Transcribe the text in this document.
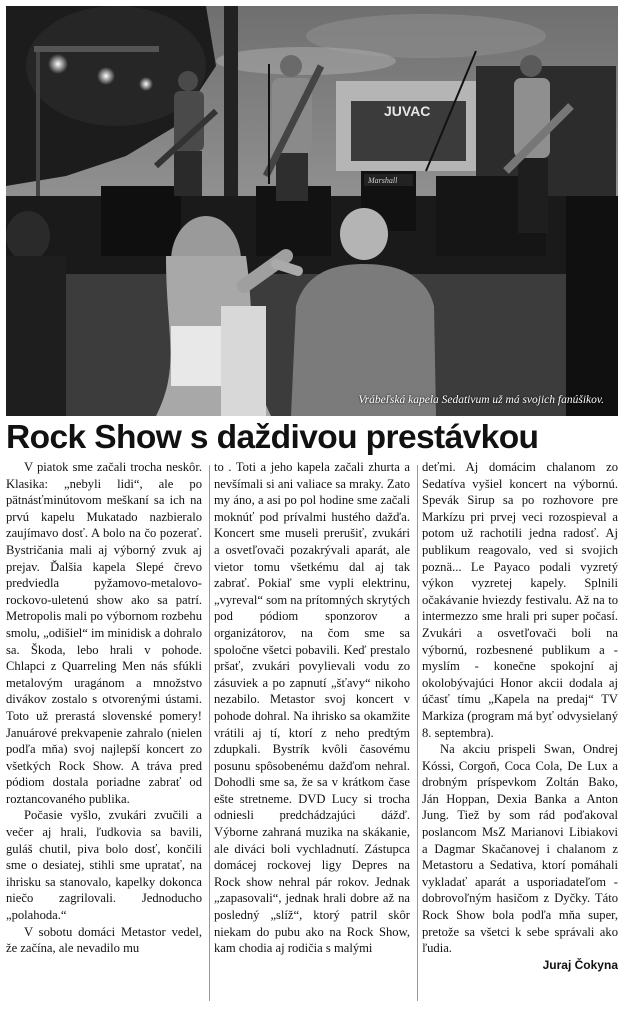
JUVAC
Marshall
Vrábeľská kapela Sedativum už má svojich fanúšikov.
Rock Show s daždivou prestávkou

V piatok sme začali trocha neskôr. Klasika: „nebyli lidi“, ale po pätnásťminútovom meškaní sa ich na prvú kapelu Mukatado nazbieralo zaujímavo dosť. A bolo na čo pozerať. Bystričania mali aj výborný zvuk aj prejav. Ďalšia kapela Slepé črevo predviedla pyžamovo-metalovo-rockovo-uletenú show ako sa patrí. Metropolis mali po výbornom rozbehu smolu, „odišiel“ im minidisk a dohralo sa. Škoda, lebo hrali v pohode. Chlapci z Quarreling Men nás sfúkli metalovým uragánom a množstvo divákov zostalo s otvorenými ústami. Toto už prerastá slovenské pomery! Januárové prekvapenie zahralo (nielen podľa mňa) svoj najlepší koncert zo všetkých Rock Show. A tráva pred pódiom dostala poriadne zabrať od roztancovaného publika.

Počasie vyšlo, zvukári zvučili a večer aj hrali, ľudkovia sa bavili, guláš chutil, piva bolo dosť, končili sme o desiatej, stihli sme upratať, na ihrisku sa stanovalo, kapelky dokonca niečo zagrilovali. Jednoducho „polahoda.“

V sobotu domáci Metastor vedel, že začína, ale nevadilo mu

to . Toti a jeho kapela začali zhurta a nevšímali si ani valiace sa mraky. Zato my áno, a asi po pol hodine sme začali moknúť pod prívalmi hustého dažďa. Koncert sme museli prerušiť, zvukári a osvetľovači pozakrývali aparát, ale vietor tomu všetkému dal aj tak zabrať. Pokiaľ sme vypli elektrinu, „vyreval“ som na prítomných skrytých pod pódiom sponzorov a organizátorov, na čom sme sa spoločne všetci pobavili. Keď prestalo pršať, zvukári povylievali vodu zo zásuviek a po zapnutí „šťavy“ nikoho nezabilo. Metastor svoj koncert v pohode dohral. Na ihrisko sa okamžite vrátili aj tí, ktorí z neho predtým zdupkali. Bystrík kvôli časovému posunu spôsobenému dažďom nehral. Dohodli sme sa, že sa v krátkom čase ešte stretneme. DVD Lucy si trocha odniesli predchádzajúci dážď. Výborne zahraná muzika na skákanie, ale diváci boli vychladnutí. Zástupca domácej rockovej ligy Depres na Rock show nehral pár rokov. Jednak „zapasovali“, jednak hrali dobre až na posledný „slíž“, ktorý patril skôr niekam do pubu ako na Rock Show, kam chodia aj rodičia s malými

deťmi. Aj domácim chalanom zo Sedatíva vyšiel koncert na výbornú. Spevák Sirup sa po rozhovore pre Markízu pri prvej veci rozospieval a potom už rachotili jedna radosť. Aj publikum reagovalo, ved si svojich poznä... Le Payaco podali vyzretý výkon vyzretej kapely. Splnili očakávanie hviezdy festivalu. Až na to intermezzo sme hrali pri super počasí. Zvukári a osvetľovači boli na výbornú, rozbesnené publikum a - myslím - konečne spokojní aj okolobývajúci Honor akcii dodala aj účasť tímu „Kapela na predaj“ TV Markiza (program má byť odvysielaný 8. septembra).

Na akciu prispeli Swan, Ondrej Kóssi, Corgoň, Coca Cola, De Lux a drobným príspevkom Zoltán Bako, Ján Hoppan, Dexia Banka a Anton Jung. Tiež by som rád poďakoval poslancom MsZ Marianovi Libiakovi a Dagmar Skačanovej i chalanom z Metastoru a Sedativa, ktorí pomáhali vykladať aparát a usporiadateľom - dobrovoľným hasičom z Dyčky. Táto Rock Show bola podľa mňa super, pretože sa všetci k sebe správali ako ľudia.

Juraj Čokyna
